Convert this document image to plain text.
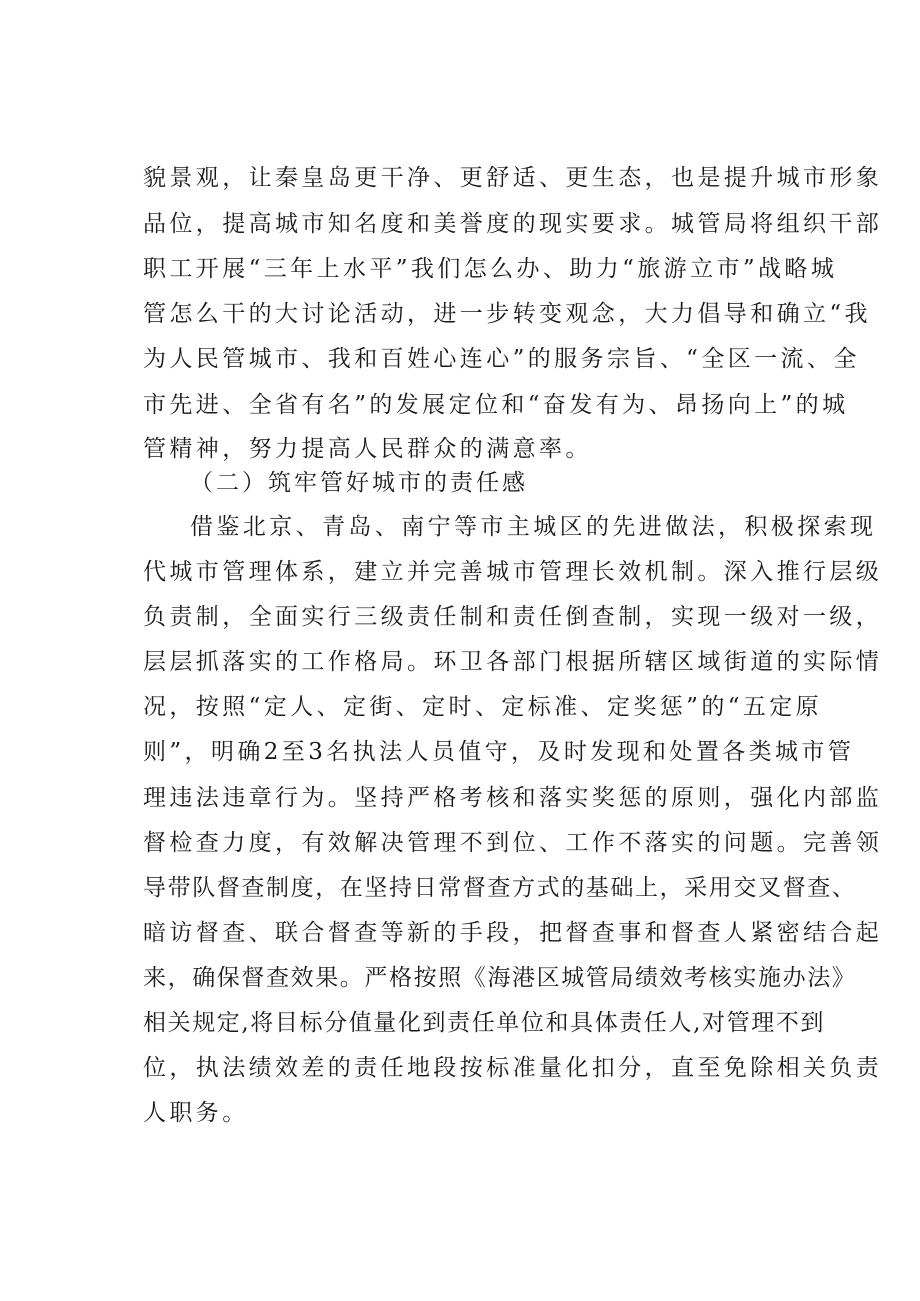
貌景观，让秦皇岛更干净、更舒适、更生态，也是提升城市形象
品位，提高城市知名度和美誉度的现实要求。城管局将组织干部
职工开展“三年上水平”我们怎么办、助力“旅游立市”战略城
管怎么干的大讨论活动，进一步转变观念，大力倡导和确立“我
为人民管城市、我和百姓心连心”的服务宗旨、“全区一流、全
市先进、全省有名”的发展定位和“奋发有为、昂扬向上”的城
管精神，努力提高人民群众的满意率。
（二）筑牢管好城市的责任感
借鉴北京、青岛、南宁等市主城区的先进做法，积极探索现
代城市管理体系，建立并完善城市管理长效机制。深入推行层级
负责制，全面实行三级责任制和责任倒查制，实现一级对一级，
层层抓落实的工作格局。环卫各部门根据所辖区域街道的实际情
况，按照“定人、定街、定时、定标准、定奖惩”的“五定原
则”，明确2至3名执法人员值守，及时发现和处置各类城市管
理违法违章行为。坚持严格考核和落实奖惩的原则，强化内部监
督检查力度，有效解决管理不到位、工作不落实的问题。完善领
导带队督查制度，在坚持日常督查方式的基础上，采用交叉督查、
暗访督查、联合督查等新的手段，把督查事和督查人紧密结合起
来，确保督查效果。严格按照《海港区城管局绩效考核实施办法》
相关规定,将目标分值量化到责任单位和具体责任人,对管理不到
位，执法绩效差的责任地段按标准量化扣分，直至免除相关负责
人职务。
